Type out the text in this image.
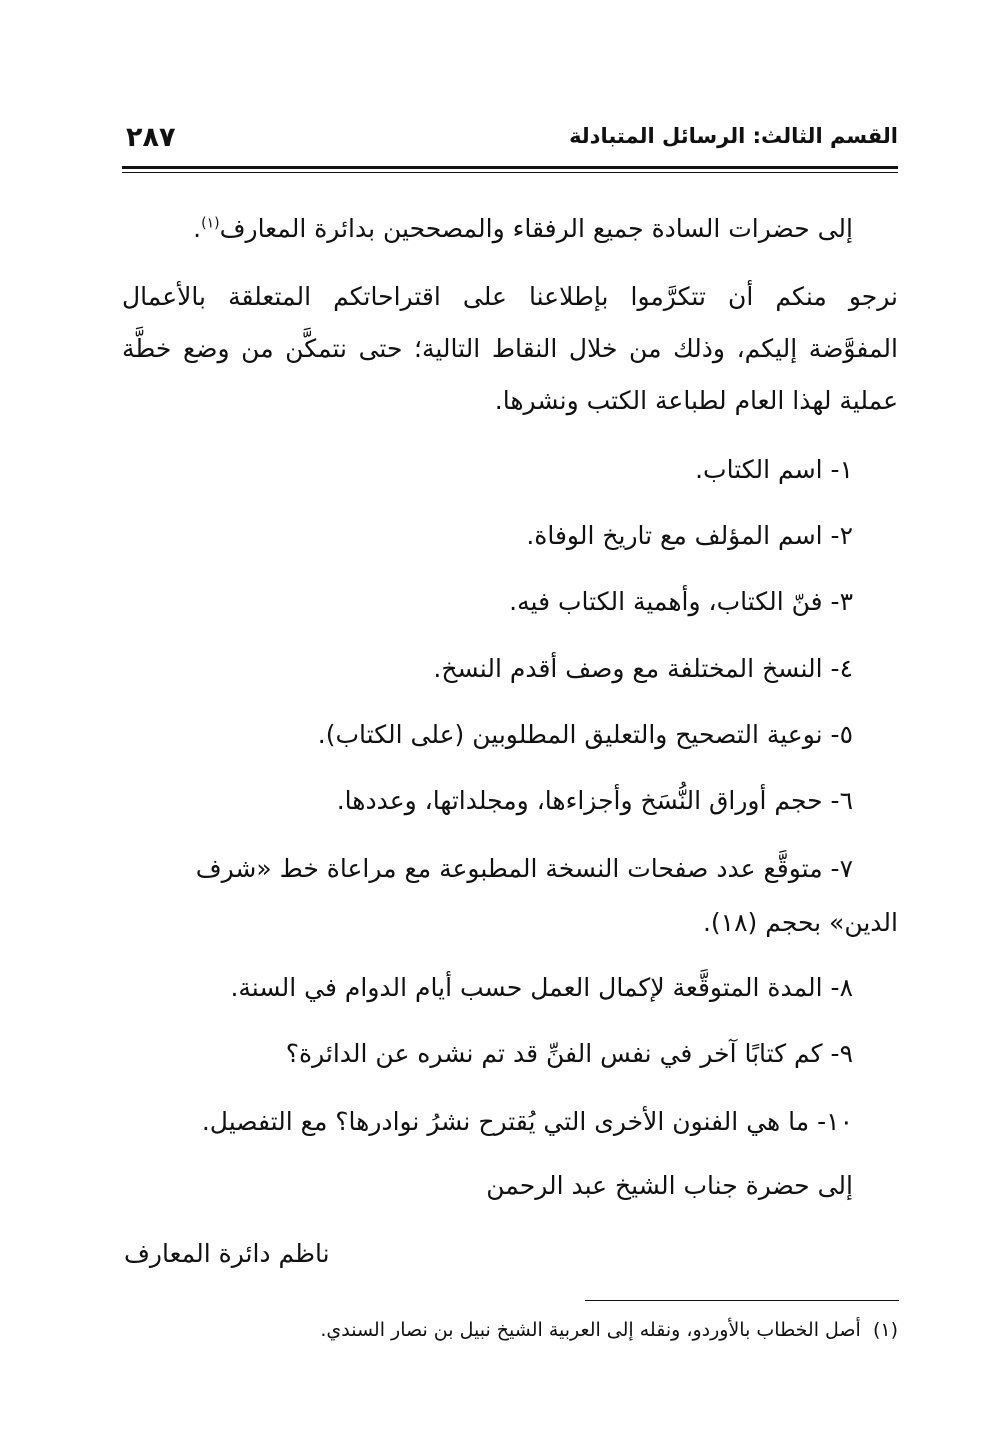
القسم الثالث: الرسائل المتبادلة
٢٨٧
إلى حضرات السادة جميع الرفقاء والمصححين بدائرة المعارف$^{(١)}$.
نرجو منكم أن تتكرَّموا بإطلاعنا على اقتراحاتكم المتعلقة بالأعمال
المفوَّضة إليكم، وذلك من خلال النقاط التالية؛ حتى نتمكَّن من وضع خطَّة
عملية لهذا العام لطباعة الكتب ونشرها.
١- اسم الكتاب.
٢- اسم المؤلف مع تاريخ الوفاة.
٣- فنّ الكتاب، وأهمية الكتاب فيه.
٤- النسخ المختلفة مع وصف أقدم النسخ.
٥- نوعية التصحيح والتعليق المطلوبين (على الكتاب).
٦- حجم أوراق النُّسَخ وأجزاءها، ومجلداتها، وعددها.
٧- متوقَّع عدد صفحات النسخة المطبوعة مع مراعاة خط «شرف
الدين» بحجم (١٨).
٨- المدة المتوقَّعة لإكمال العمل حسب أيام الدوام في السنة.
٩- كم كتابًا آخر في نفس الفنِّ قد تم نشره عن الدائرة؟
١٠- ما هي الفنون الأخرى التي يُقترح نشرُ نوادرها؟ مع التفصيل.
إلى حضرة جناب الشيخ عبد الرحمن
ناظم دائرة المعارف
(١)  أصل الخطاب بالأوردو، ونقله إلى العربية الشيخ نبيل بن نصار السندي.
